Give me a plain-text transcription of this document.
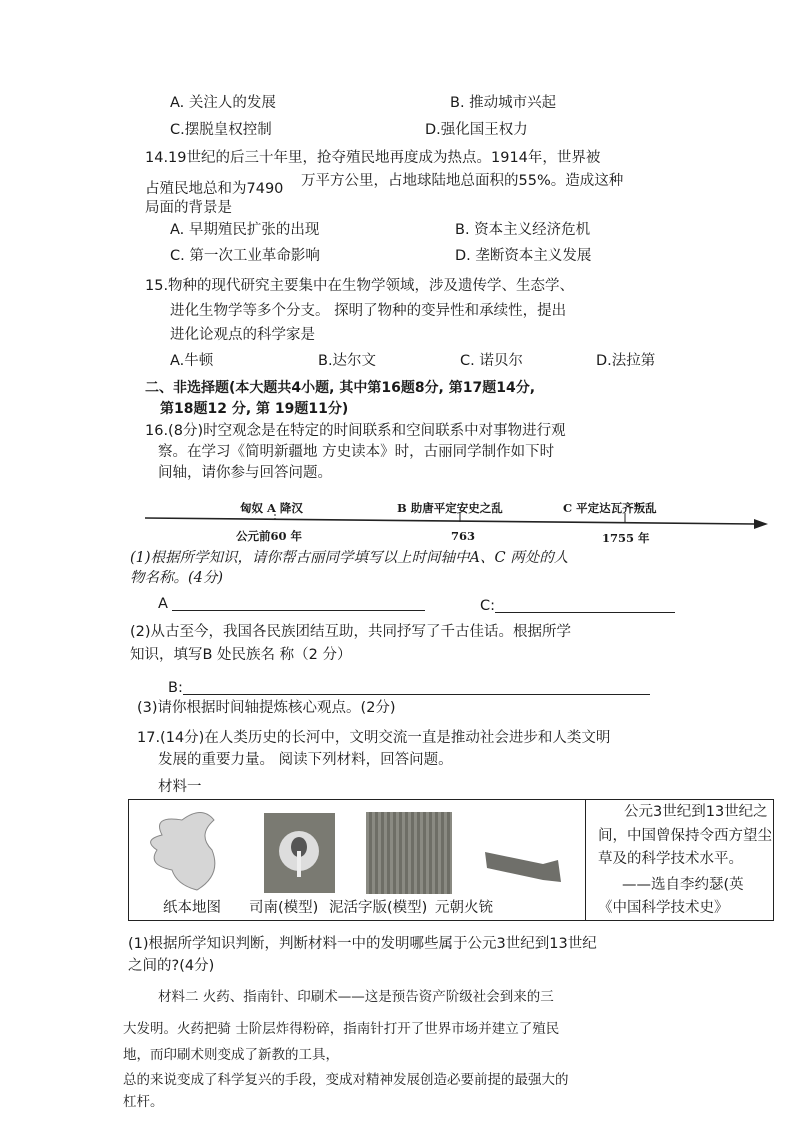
A. 关注人的发展	B. 推动城市兴起
C.摆脱皇权控制	D.强化国王权力
14.19世纪的后三十年里，抢夺殖民地再度成为热点。1914年，世界被
占殖民地总和为7490 万平方公里，占地球陆地总面积的55%。造成这种
局面的背景是
A. 早期殖民扩张的出现	B. 资本主义经济危机
C. 第一次工业革命影响	D. 垄断资本主义发展
15.物种的现代研究主要集中在生物学领域，涉及遗传学、生态学、
进化生物学等多个分支。 探明了物种的变异性和承续性，提出
进化论观点的科学家是
A.牛顿	B.达尔文	C. 诺贝尔	D.法拉第
二、非选择题(本大题共4小题, 其中第16题8分, 第17题14分,
第18题12 分, 第 19题11分)
16.(8分)时空观念是在特定的时间联系和空间联系中对事物进行观
察。在学习《简明新疆地 方史读本》时，古丽同学制作如下时
间轴，请你参与回答问题。
匈奴 A 降汉	B 助唐平定安史之乱	C 平定达瓦齐叛乱
公元前60 年	763	1755 年
(1)根据所学知识，请你帮古丽同学填写以上时间轴中A、C 两处的人
物名称。(4分)
A	C:
(2)从古至今，我国各民族团结互助，共同抒写了千古佳话。根据所学
知识，填写B 处民族名 称（2 分）
B:
(3)请你根据时间轴提炼核心观点。(2分)
17.(14分)在人类历史的长河中，文明交流一直是推动社会进步和人类文明
发展的重要力量。 阅读下列材料，回答问题。
材料一
纸本地图 司南(模型) 泥活字版(模型) 元朝火铳
公元3世纪到13世纪之
间，中国曾保持令西方望尘
草及的科学技术水平。
——选自李约瑟(英
《中国科学技术史》
(1)根据所学知识判断，判断材料一中的发明哪些属于公元3世纪到13世纪
之间的?(4分)
材料二 火药、指南针、印刷术——这是预告资产阶级社会到来的三
大发明。火药把骑 士阶层炸得粉碎，指南针打开了世界市场并建立了殖民
地，而印刷术则变成了新教的工具，
总的来说变成了科学复兴的手段，变成对精神发展创造必要前提的最强大的
杠杆。
